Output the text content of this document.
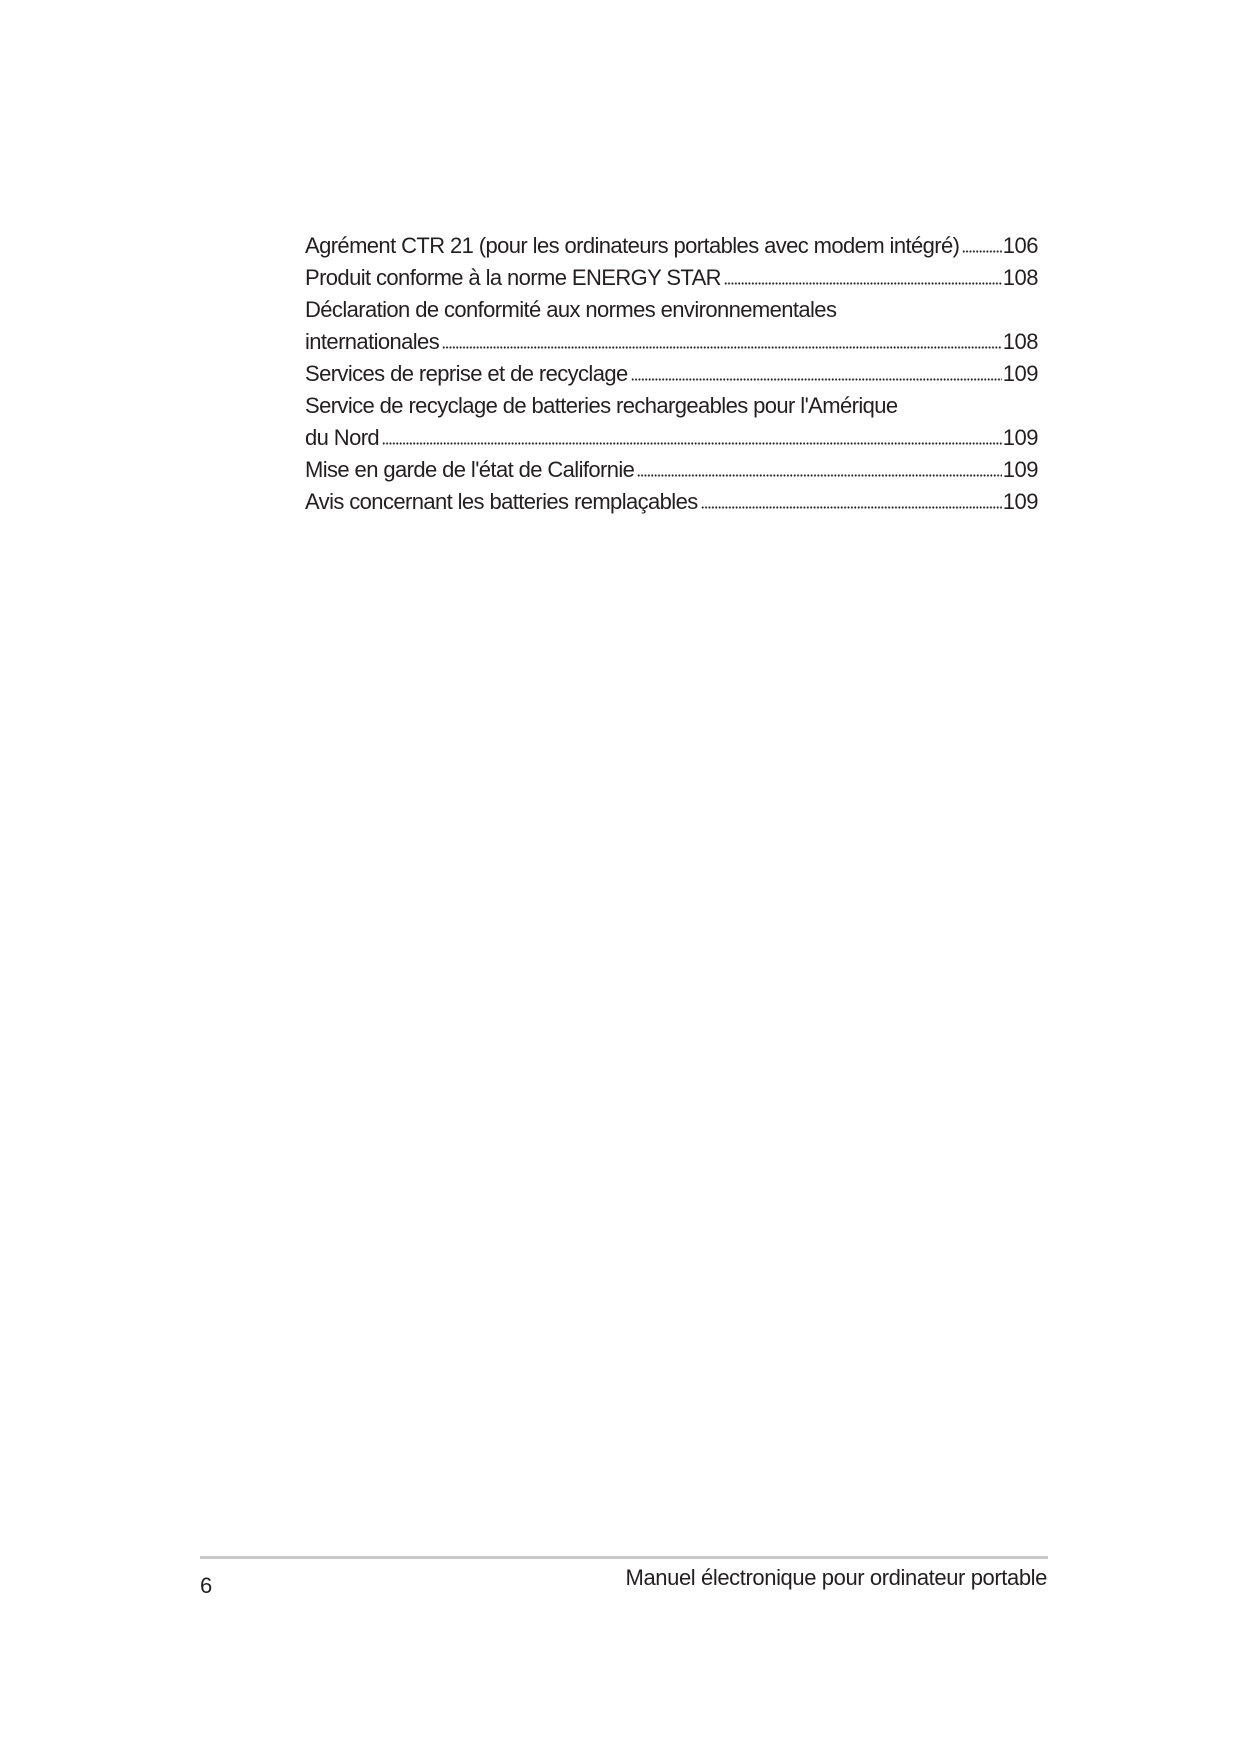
Agrément CTR 21 (pour les ordinateurs portables avec modem intégré) 106
Produit conforme à la norme ENERGY STAR	108
Déclaration de conformité aux normes environnementales
internationales	108
Services de reprise et de recyclage	109
Service de recyclage de batteries rechargeables pour l'Amérique
du Nord	109
Mise en garde de l'état de Californie	109
Avis concernant les batteries remplaçables	109
6	Manuel électronique pour ordinateur portable
